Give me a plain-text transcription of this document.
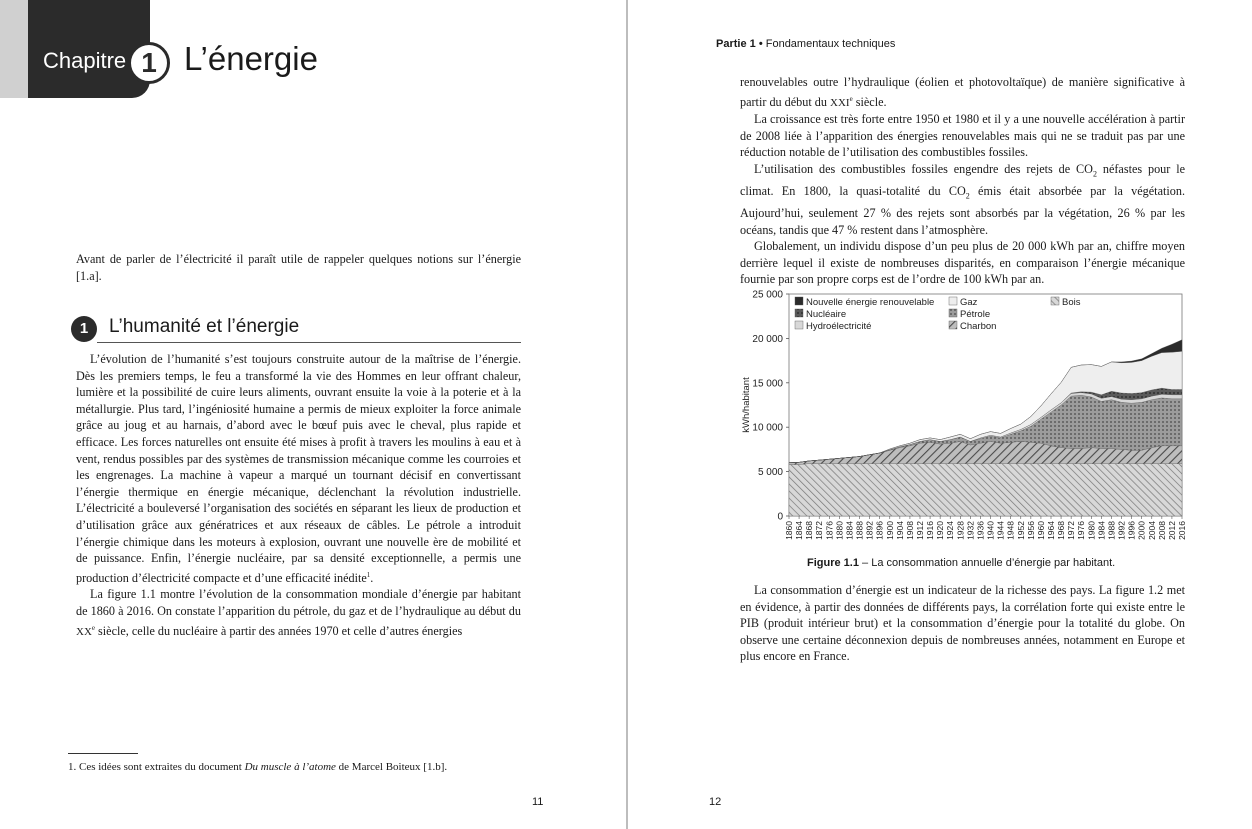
Chapitre 1 L’énergie

Avant de parler de l’électricité il paraît utile de rappeler quelques notions sur l’énergie [1.a].

1	L’humanité et l’énergie

L’évolution de l’humanité s’est toujours construite autour de la maîtrise de l’énergie. Dès les premiers temps, le feu a transformé la vie des Hommes en leur offrant chaleur, lumière et la possibilité de cuire leurs aliments, ouvrant ensuite la voie à la poterie et à la métallurgie. Plus tard, l’ingéniosité humaine a permis de mieux exploiter la force animale grâce au joug et au harnais, d’abord avec le bœuf puis avec le cheval, plus rapide et efficace. Les forces naturelles ont ensuite été mises à profit à travers les moulins à eau et à vent, rendus possibles par des systèmes de transmission mécanique comme les courroies et les engrenages. La machine à vapeur a marqué un tournant décisif en convertissant l’énergie thermique en énergie mécanique, déclenchant la révolution industrielle. L’électricité a bouleversé l’organisation des sociétés en séparant les lieux de production et d’utilisation grâce aux génératrices et aux réseaux de câbles. Le pétrole a introduit l’énergie chimique dans les moteurs à explosion, ouvrant une nouvelle ère de mobilité et de puissance. Enfin, l’énergie nucléaire, par sa densité exceptionnelle, a permis une production d’électricité compacte et d’une efficacité inédite$^1$.

La figure 1.1 montre l’évolution de la consommation mondiale d’énergie par habitant de 1860 à 2016. On constate l’apparition du pétrole, du gaz et de l’hydraulique au début du XXe siècle, celle du nucléaire à partir des années 1970 et celle d’autres énergies

1. Ces idées sont extraites du document Du muscle à l’atome de Marcel Boiteux [1.b].

11
Partie 1 • Fondamentaux techniques

renouvelables outre l’hydraulique (éolien et photovoltaïque) de manière significative à partir du début du XXIe siècle.

La croissance est très forte entre 1950 et 1980 et il y a une nouvelle accélération à partir de 2008 liée à l’apparition des énergies renouvelables mais qui ne se traduit pas par une réduction notable de l’utilisation des combustibles fossiles.

L’utilisation des combustibles fossiles engendre des rejets de $CO_2$ néfastes pour le climat. En 1800, la quasi-totalité du $CO_2$ émis était absorbée par la végétation. Aujourd’hui, seulement 27 % des rejets sont absorbés par la végétation, 26 % par les océans, tandis que 47 % restent dans l’atmosphère.

Globalement, un individu dispose d’un peu plus de 20 000 kWh par an, chiffre moyen derrière lequel il existe de nombreuses disparités, en comparaison l’énergie mécanique fournie par son propre corps est de l’ordre de 100 kWh par an.

0
5 000
10 000
15 000
20 000
25 000
kWh/habitant
1860 1864 1868 1872 1876 1880 1884 1888 1892 1896 1900 1904 1908 1912 1916 1920 1924 1928 1932 1936 1940 1944 1948 1952 1956 1960 1964 1968 1972 1976 1980 1984 1988 1992 1996 2000 2004 2008 2012 2016
Nouvelle énergie renouvelable	Gaz	Bois
Nucléaire	Pétrole
Hydroélectricité	Charbon
Figure 1.1 – La consommation annuelle d’énergie par habitant.

La consommation d’énergie est un indicateur de la richesse des pays. La figure 1.2 met en évidence, à partir des données de différents pays, la corrélation forte qui existe entre le PIB (produit intérieur brut) et la consommation d’énergie pour la totalité du globe. On observe une certaine déconnexion depuis de nombreuses années, notamment en Europe et plus encore en France.

12
